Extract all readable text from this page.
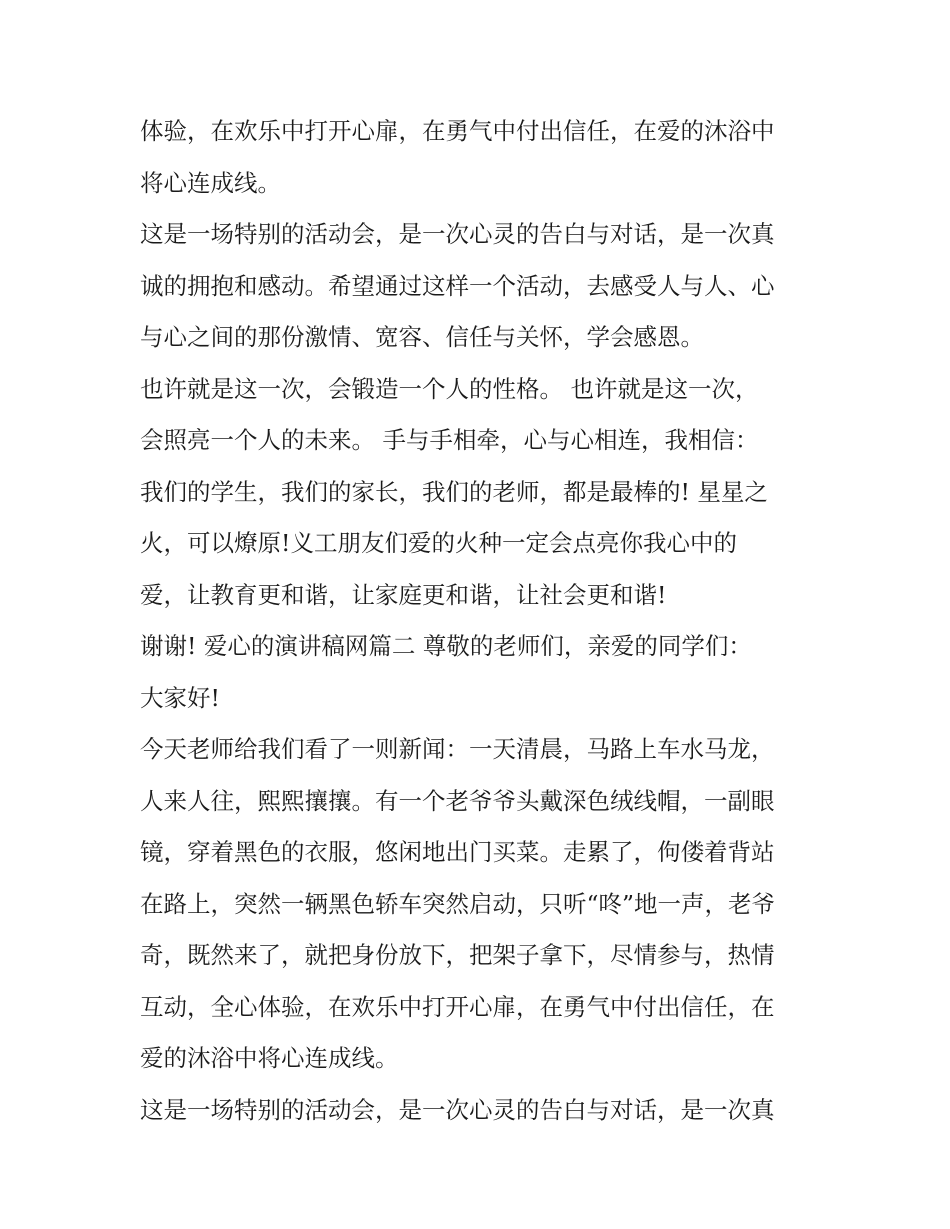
体验，在欢乐中打开心扉，在勇气中付出信任，在爱的沐浴中
将心连成线。
这是一场特别的活动会，是一次心灵的告白与对话，是一次真
诚的拥抱和感动。希望通过这样一个活动，去感受人与人、心
与心之间的那份激情、宽容、信任与关怀，学会感恩。
也许就是这一次，会锻造一个人的性格。 也许就是这一次，
会照亮一个人的未来。 手与手相牵，心与心相连，我相信：
我们的学生，我们的家长，我们的老师，都是最棒的! 星星之
火，可以燎原!义工朋友们爱的火种一定会点亮你我心中的
爱，让教育更和谐，让家庭更和谐，让社会更和谐!
谢谢! 爱心的演讲稿网篇二 尊敬的老师们，亲爱的同学们：
大家好!
今天老师给我们看了一则新闻：一天清晨，马路上车水马龙，
人来人往，熙熙攘攘。有一个老爷爷头戴深色绒线帽，一副眼
镜，穿着黑色的衣服，悠闲地出门买菜。走累了，佝偻着背站
在路上，突然一辆黑色轿车突然启动，只听“咚”地一声，老爷
奇，既然来了，就把身份放下，把架子拿下，尽情参与，热情
互动，全心体验，在欢乐中打开心扉，在勇气中付出信任，在
爱的沐浴中将心连成线。
这是一场特别的活动会，是一次心灵的告白与对话，是一次真
